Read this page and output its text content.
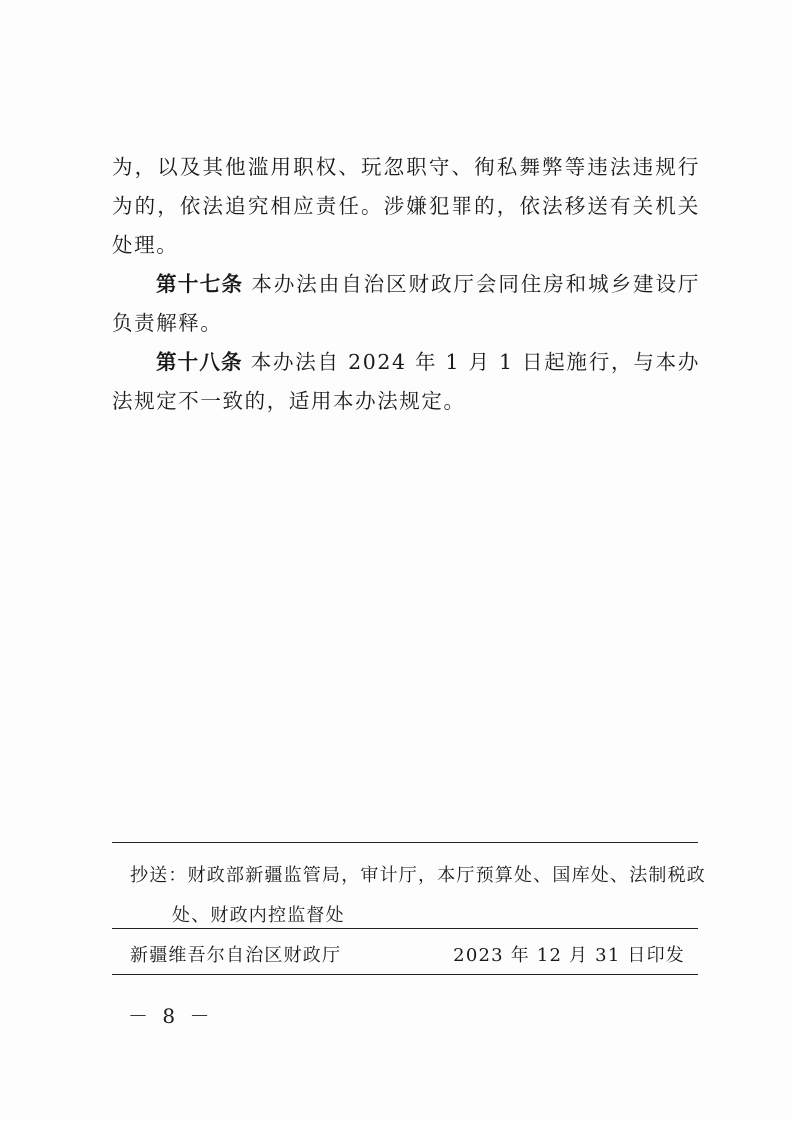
为，以及其他滥用职权、玩忽职守、徇私舞弊等违法违规行为的，依法追究相应责任。涉嫌犯罪的，依法移送有关机关处理。

第十七条 本办法由自治区财政厅会同住房和城乡建设厅负责解释。

第十八条 本办法自 2024 年 1 月 1 日起施行，与本办法规定不一致的，适用本办法规定。

抄送：财政部新疆监管局，审计厅，本厅预算处、国库处、法制税政

处、财政内控监督处

新疆维吾尔自治区财政厅	2023 年 12 月 31 日印发
－ 8 －
